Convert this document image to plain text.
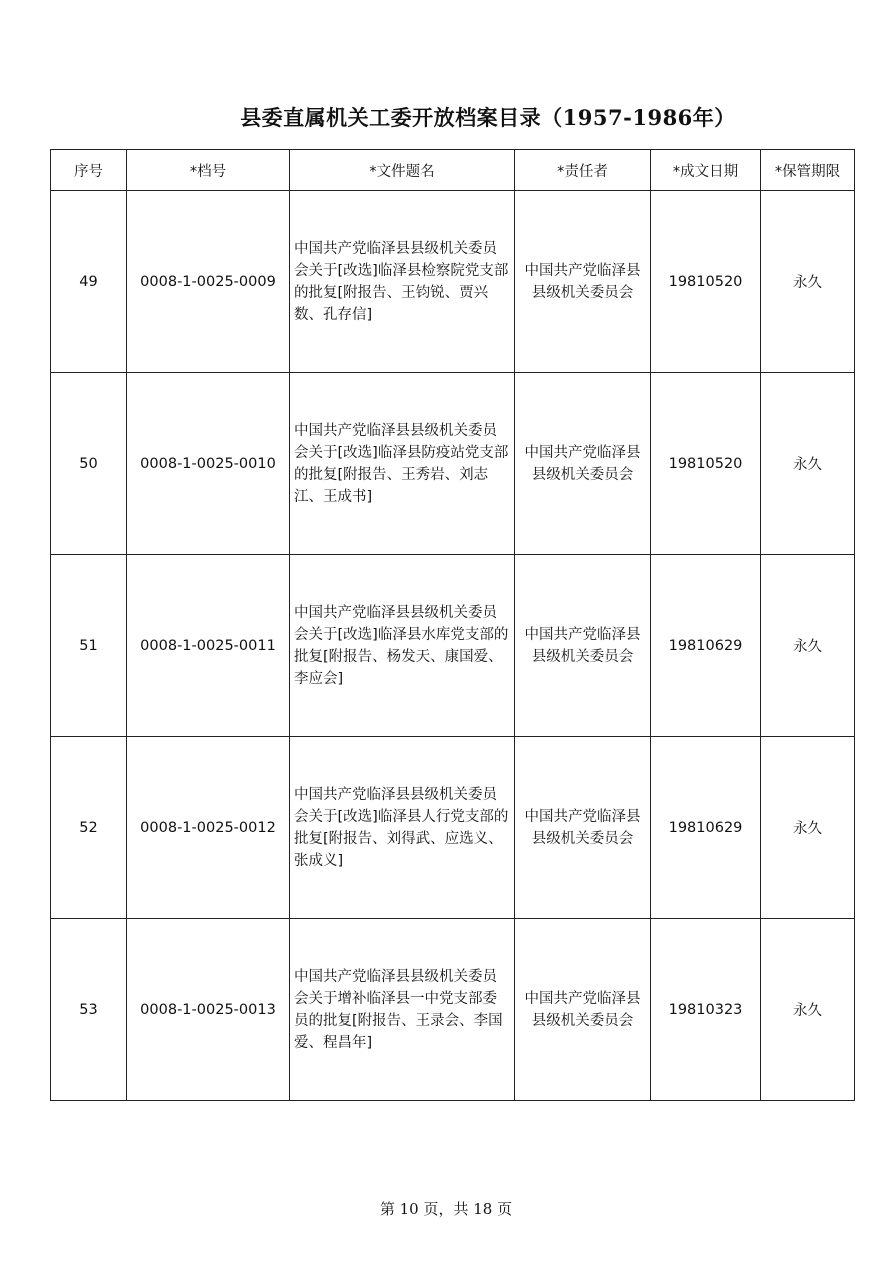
县委直属机关工委开放档案目录（1957-1986年）
序号	*档号	*文件题名	*责任者	*成文日期	*保管期限
49	0008-1-0025-0009	中国共产党临泽县县级机关委员会关于[改选]临泽县检察院党支部的批复[附报告、王钧锐、贾兴数、孔存信]	中国共产党临泽县县级机关委员会	19810520	永久
50	0008-1-0025-0010	中国共产党临泽县县级机关委员会关于[改选]临泽县防疫站党支部的批复[附报告、王秀岩、刘志江、王成书]	中国共产党临泽县县级机关委员会	19810520	永久
51	0008-1-0025-0011	中国共产党临泽县县级机关委员会关于[改选]临泽县水库党支部的批复[附报告、杨发天、康国爱、李应会]	中国共产党临泽县县级机关委员会	19810629	永久
52	0008-1-0025-0012	中国共产党临泽县县级机关委员会关于[改选]临泽县人行党支部的批复[附报告、刘得武、应选义、张成义]	中国共产党临泽县县级机关委员会	19810629	永久
53	0008-1-0025-0013	中国共产党临泽县县级机关委员会关于增补临泽县一中党支部委员的批复[附报告、王录会、李国爱、程昌年]	中国共产党临泽县县级机关委员会	19810323	永久
第 10 页，共 18 页
